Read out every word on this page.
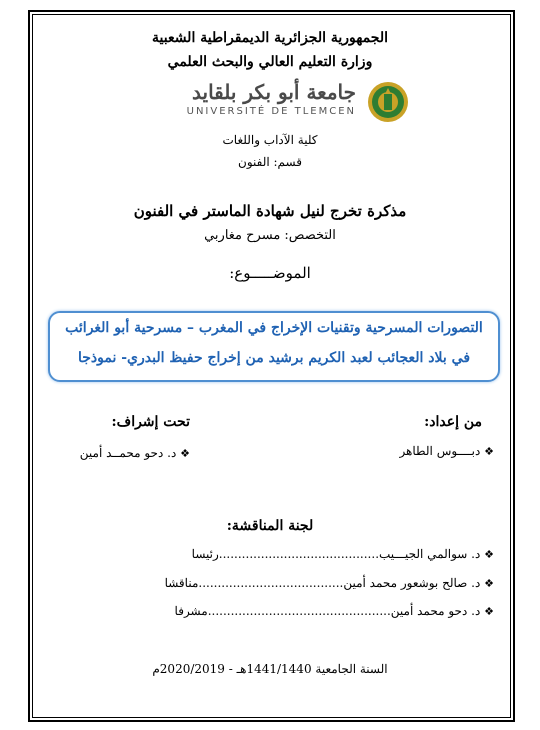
الجمهورية الجزائرية الديمقراطية الشعبية
وزارة التعليم العالي والبحث العلمي
جامعة أبو بكر بلقايد
UNIVERSITÉ DE TLEMCEN
كلية الآداب واللغات
قسم: الفنون
مذكرة تخرج لنيل شهادة الماستر في الفنون
التخصص: مسرح مغاربي
الموضـــــوع:
التصورات المسرحية وتقنيات الإخراج في المغرب – مسرحية أبو الغرائب
في بلاد العجائب لعبد الكريم برشيد من إخراج حفيظ البدري- نموذجا
من إعداد:
❖ دبــــوس الطاهر
تحت إشراف:
❖ د. دحو محمــد أمين
لجنة المناقشة:
❖ د. سوالمي الجيـــيب..........................................رئيسا
❖ د. صالح بوشعور محمد أمين......................................مناقشا
❖ د. دحو محمد أمين................................................مشرفا
السنة الجامعية 1441/1440هـ - 2020/2019م
